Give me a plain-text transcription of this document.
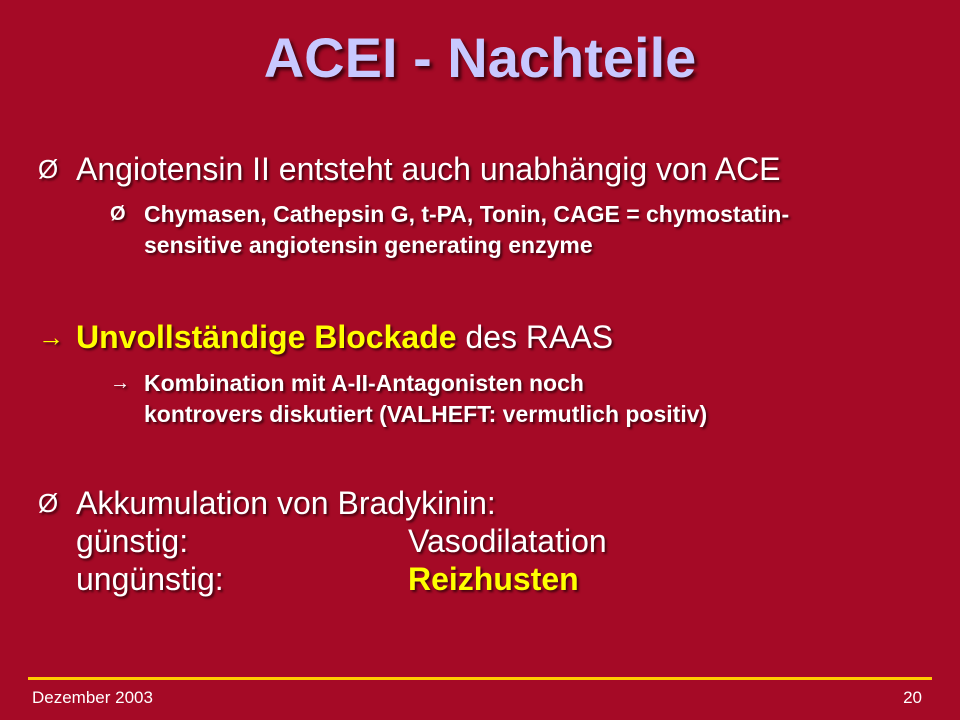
ACEI - Nachteile
Ø Angiotensin II entsteht auch unabhängig von ACE
Ø Chymasen, Cathepsin G, t-PA, Tonin, CAGE = chymostatin-
sensitive angiotensin generating enzyme
→ Unvollständige Blockade des RAAS
→ Kombination mit A-II-Antagonisten noch
kontrovers diskutiert (VALHEFT: vermutlich positiv)
Ø Akkumulation von Bradykinin:
günstig:	Vasodilatation
ungünstig:	Reizhusten
Dezember 2003	20
